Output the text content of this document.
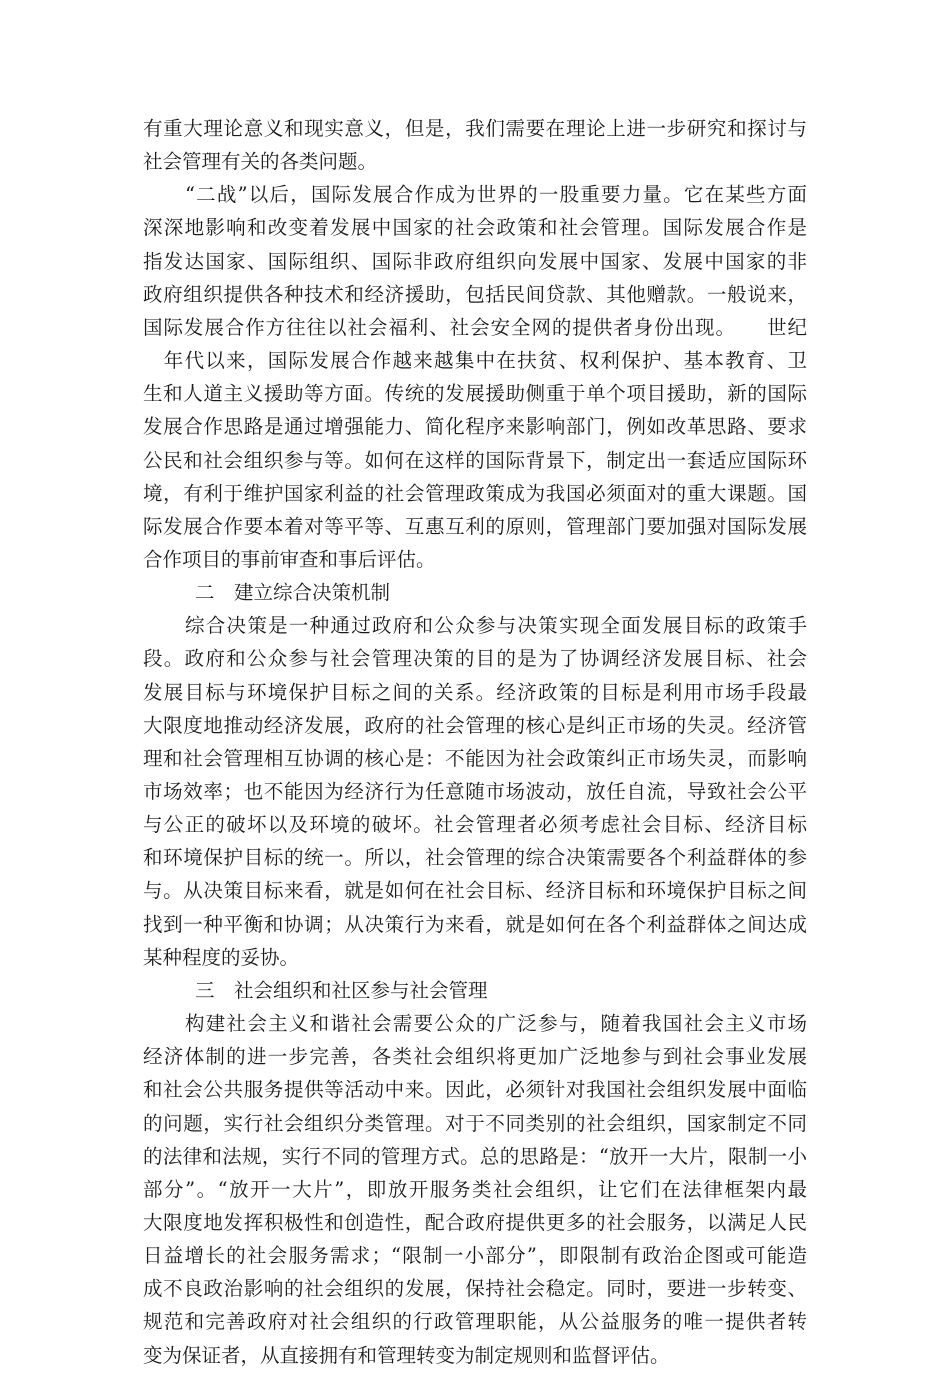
有重大理论意义和现实意义，但是，我们需要在理论上进一步研究和探讨与
社会管理有关的各类问题。
“二战”以后，国际发展合作成为世界的一股重要力量。它在某些方面
深深地影响和改变着发展中国家的社会政策和社会管理。国际发展合作是
指发达国家、国际组织、国际非政府组织向发展中国家、发展中国家的非
政府组织提供各种技术和经济援助，包括民间贷款、其他赠款。一般说来，
国际发展合作方往往以社会福利、社会安全网的提供者身份出现。　　世纪
　年代以来，国际发展合作越来越集中在扶贫、权利保护、基本教育、卫
生和人道主义援助等方面。传统的发展援助侧重于单个项目援助，新的国际
发展合作思路是通过增强能力、简化程序来影响部门，例如改革思路、要求
公民和社会组织参与等。如何在这样的国际背景下，制定出一套适应国际环
境，有利于维护国家利益的社会管理政策成为我国必须面对的重大课题。国
际发展合作要本着对等平等、互惠互利的原则，管理部门要加强对国际发展
合作项目的事前审查和事后评估。
二　建立综合决策机制
综合决策是一种通过政府和公众参与决策实现全面发展目标的政策手
段。政府和公众参与社会管理决策的目的是为了协调经济发展目标、社会
发展目标与环境保护目标之间的关系。经济政策的目标是利用市场手段最
大限度地推动经济发展，政府的社会管理的核心是纠正市场的失灵。经济管
理和社会管理相互协调的核心是：不能因为社会政策纠正市场失灵，而影响
市场效率；也不能因为经济行为任意随市场波动，放任自流，导致社会公平
与公正的破坏以及环境的破坏。社会管理者必须考虑社会目标、经济目标
和环境保护目标的统一。所以，社会管理的综合决策需要各个利益群体的参
与。从决策目标来看，就是如何在社会目标、经济目标和环境保护目标之间
找到一种平衡和协调；从决策行为来看，就是如何在各个利益群体之间达成
某种程度的妥协。
三　社会组织和社区参与社会管理
构建社会主义和谐社会需要公众的广泛参与，随着我国社会主义市场
经济体制的进一步完善，各类社会组织将更加广泛地参与到社会事业发展
和社会公共服务提供等活动中来。因此，必须针对我国社会组织发展中面临
的问题，实行社会组织分类管理。对于不同类别的社会组织，国家制定不同
的法律和法规，实行不同的管理方式。总的思路是：“放开一大片，限制一小
部分”。“放开一大片”，即放开服务类社会组织，让它们在法律框架内最
大限度地发挥积极性和创造性，配合政府提供更多的社会服务，以满足人民
日益增长的社会服务需求；“限制一小部分”，即限制有政治企图或可能造
成不良政治影响的社会组织的发展，保持社会稳定。同时，要进一步转变、
规范和完善政府对社会组织的行政管理职能，从公益服务的唯一提供者转
变为保证者，从直接拥有和管理转变为制定规则和监督评估。
